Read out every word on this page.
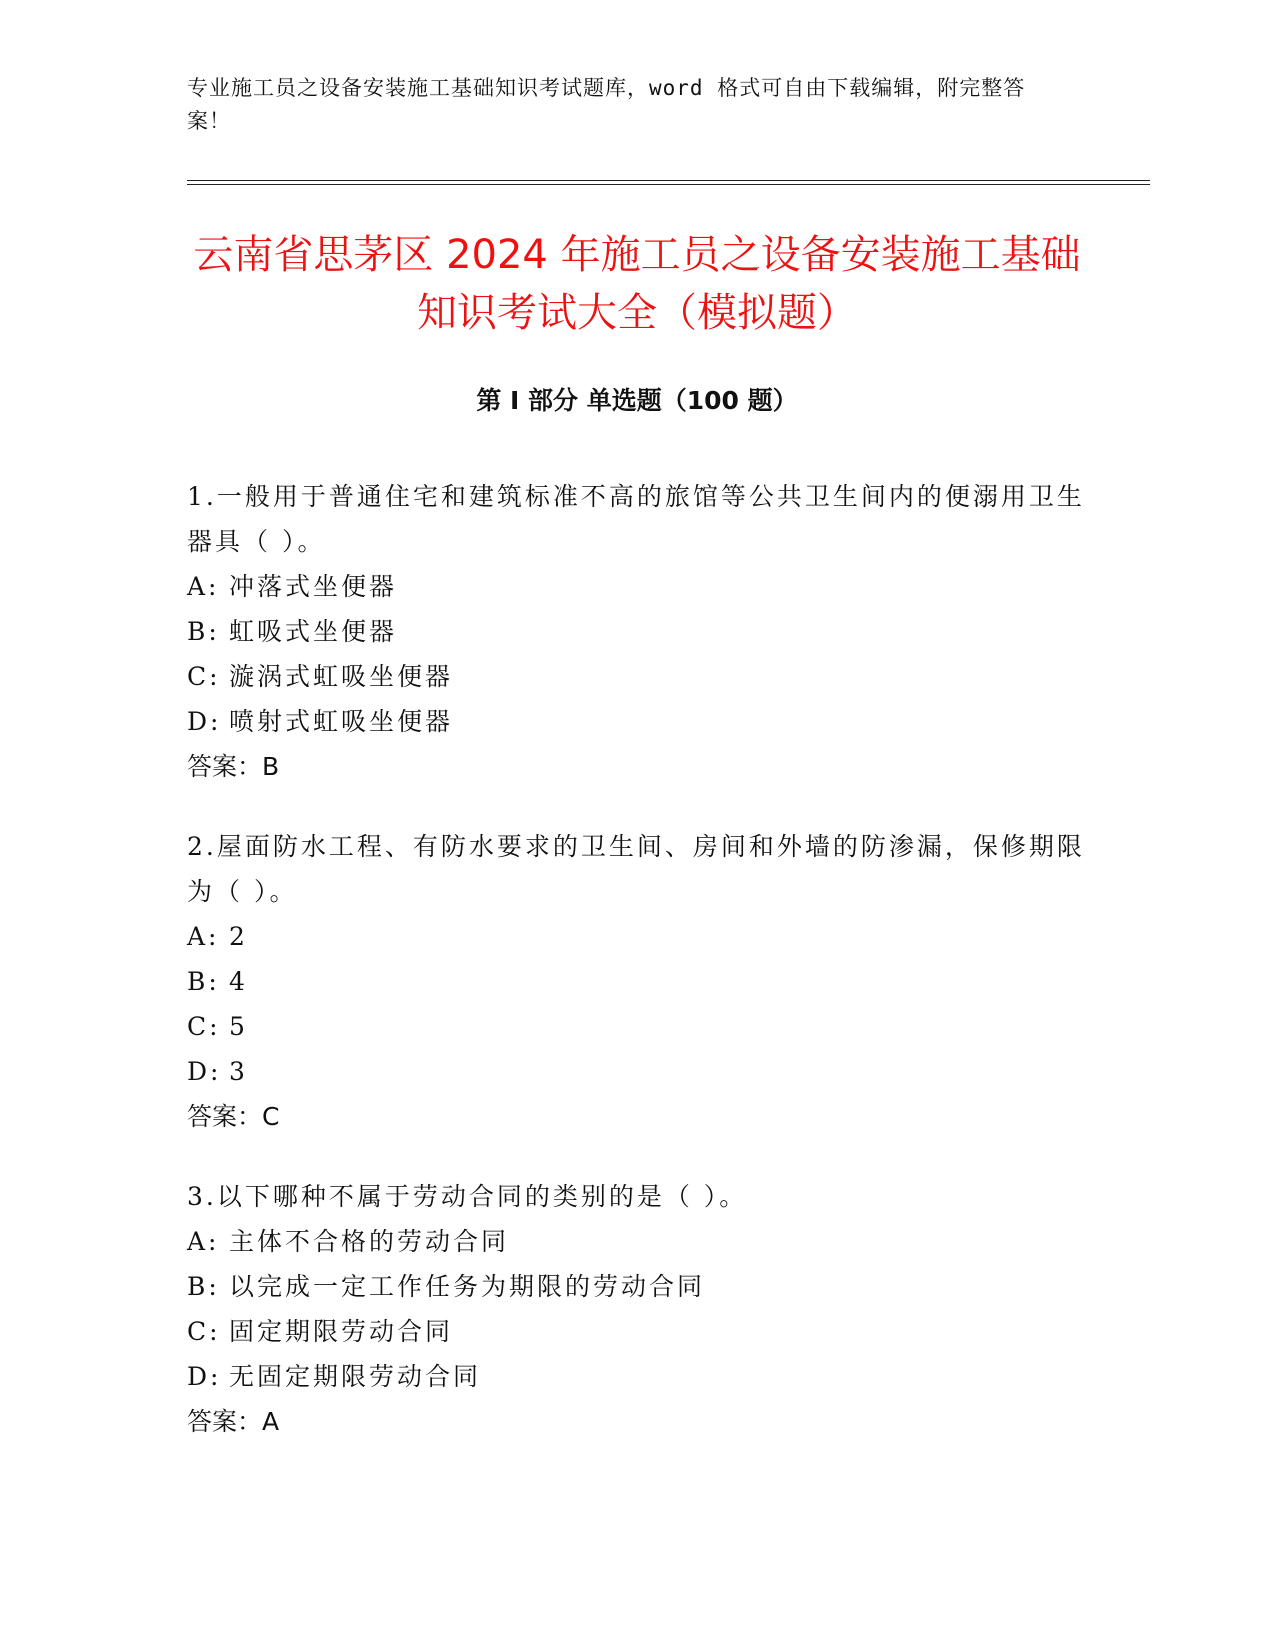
专业施工员之设备安装施工基础知识考试题库，word 格式可自由下载编辑，附完整答案！
云南省思茅区 2024 年施工员之设备安装施工基础知识考试大全（模拟题）
第 I 部分 单选题（100 题）

1.一般用于普通住宅和建筑标准不高的旅馆等公共卫生间内的便溺用卫生器具（ ）。

A: 冲落式坐便器

B: 虹吸式坐便器

C: 漩涡式虹吸坐便器

D: 喷射式虹吸坐便器

答案：B

2.屋面防水工程、有防水要求的卫生间、房间和外墙的防渗漏，保修期限为（ ）。

A: 2

B: 4

C: 5

D: 3

答案：C

3.以下哪种不属于劳动合同的类别的是（ ）。

A: 主体不合格的劳动合同

B: 以完成一定工作任务为期限的劳动合同

C: 固定期限劳动合同

D: 无固定期限劳动合同

答案：A
